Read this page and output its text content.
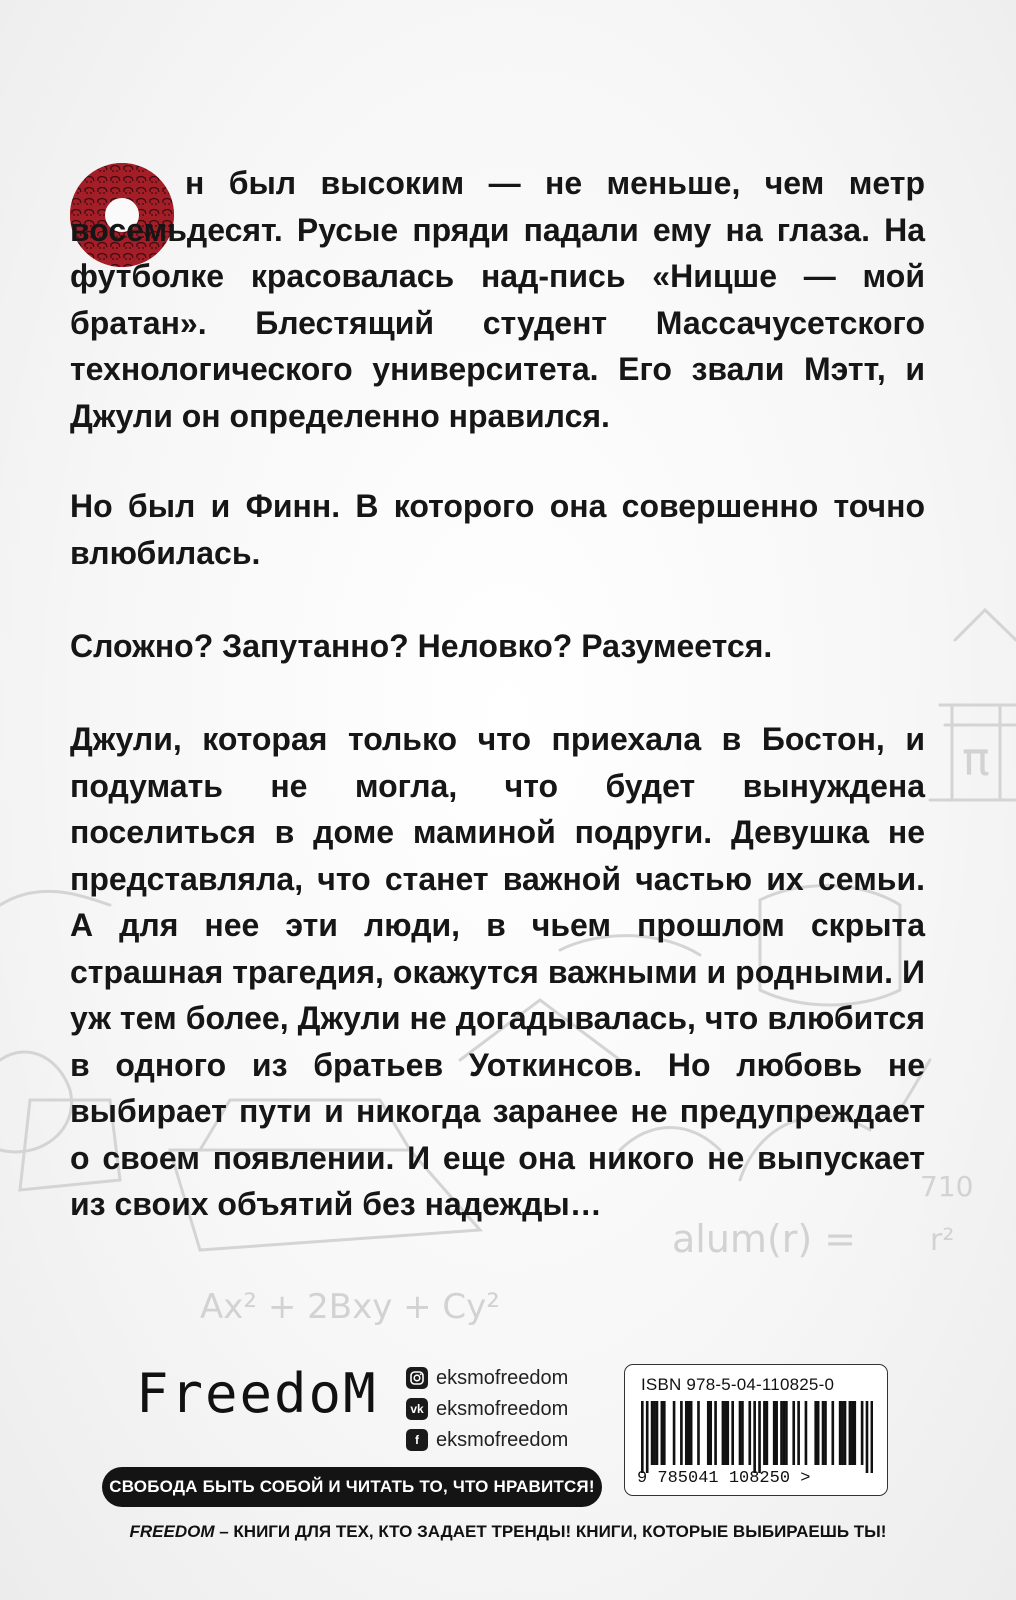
alum(r) =
710
r²
Ax² + 2Bxy + Cy²
π

н был высоким — не меньше, чем метр восемьдесят. Русые пряди падали ему на глаза. На футболке красовалась над-пись «Ницше — мой братан». Блестящий студент Массачусетского технологического университета. Его звали Мэтт, и Джули он определенно нравился.

Но был и Финн. В которого она совершенно точно влюбилась.

Сложно? Запутанно? Неловко? Разумеется.

Джули, которая только что приехала в Бостон, и подумать не могла, что будет вынуждена поселиться в доме маминой подруги. Девушка не представляла, что станет важной частью их семьи. А для нее эти люди, в чьем прошлом скрыта страшная трагедия, окажутся важными и родными. И уж тем более, Джули не догадывалась, что влюбится в одного из братьев Уоткинсов. Но любовь не выбирает пути и никогда заранее не предупреждает о своем появлении. И еще она никого не выпускает из своих объятий без надежды…

FreedoM	eksmofreedom
vk eksmofreedom
f eksmofreedom
СВОБОДА БЫТЬ СОБОЙ И ЧИТАТЬ ТО, ЧТО НРАВИТСЯ!
FREEDOM – КНИГИ ДЛЯ ТЕХ, КТО ЗАДАЕТ ТРЕНДЫ! КНИГИ, КОТОРЫЕ ВЫБИРАЕШЬ ТЫ!
ISBN 978-5-04-110825-0
9 785041 108250 >
